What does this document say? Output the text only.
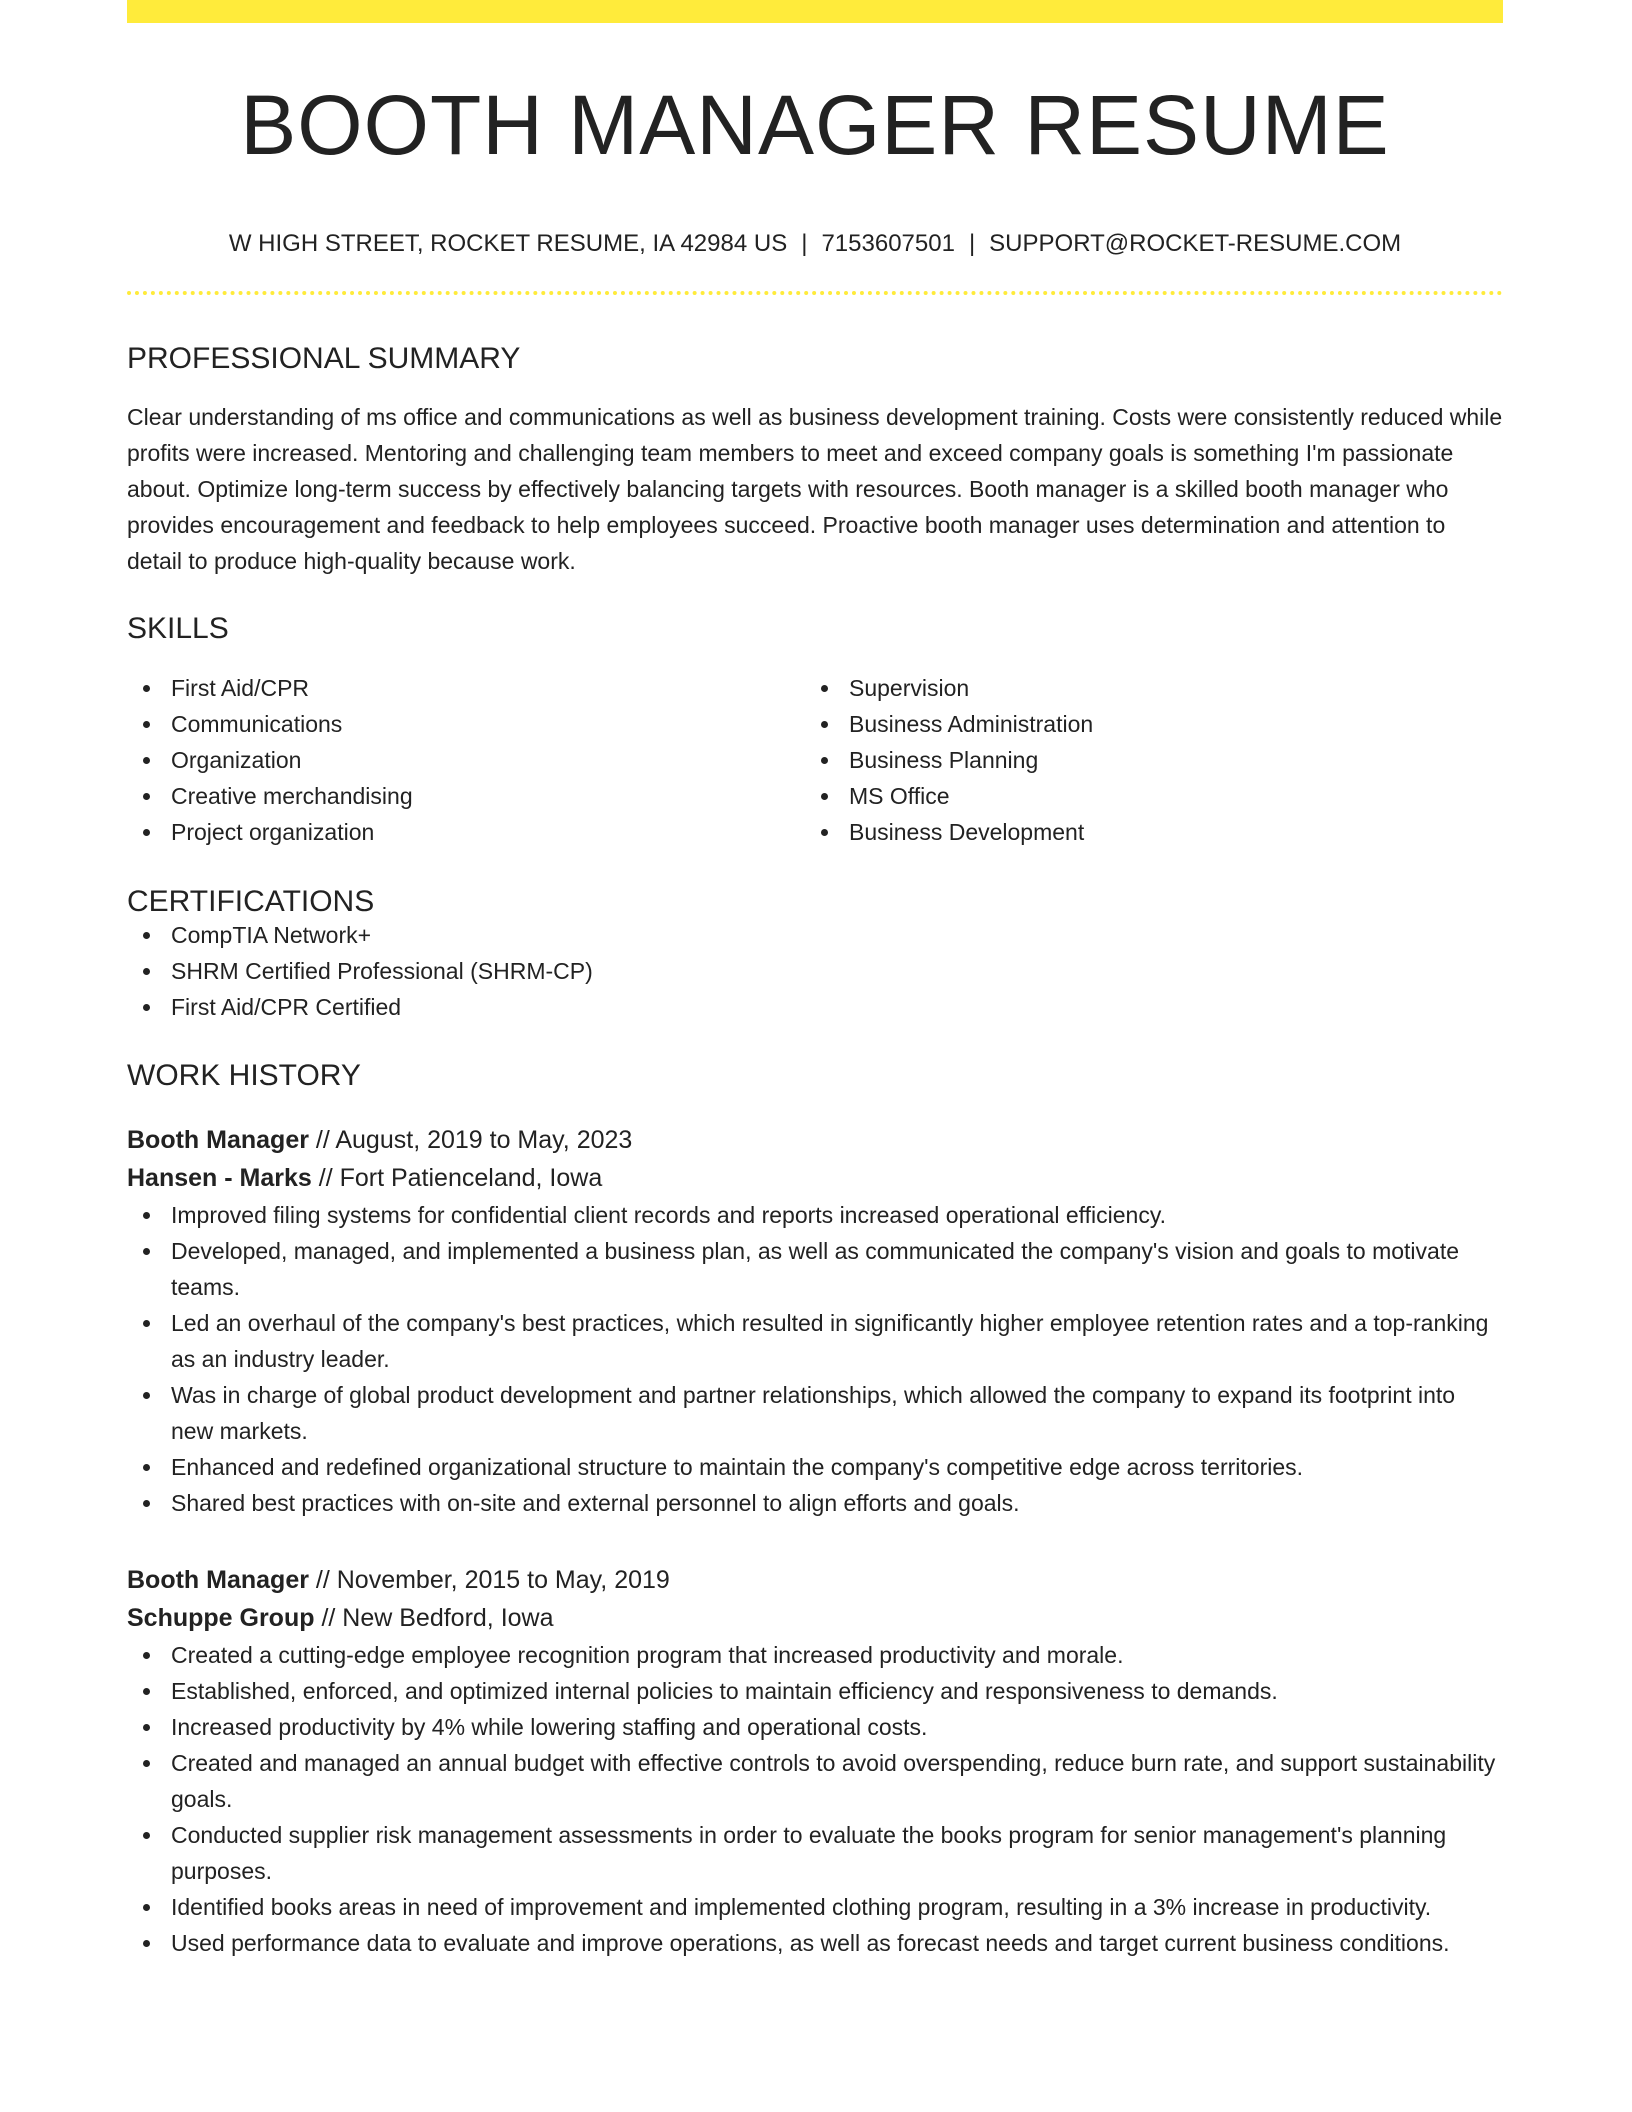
BOOTH MANAGER RESUME
W HIGH STREET, ROCKET RESUME, IA 42984 US | 7153607501 | SUPPORT@ROCKET-RESUME.COM
PROFESSIONAL SUMMARY

Clear understanding of ms office and communications as well as business development training. Costs were consistently reduced while profits were increased. Mentoring and challenging team members to meet and exceed company goals is something I'm passionate about. Optimize long-term success by effectively balancing targets with resources. Booth manager is a skilled booth manager who provides encouragement and feedback to help employees succeed. Proactive booth manager uses determination and attention to detail to produce high-quality because work.

SKILLS
First Aid/CPR
Communications
Organization
Creative merchandising
Project organization
Supervision
Business Administration
Business Planning
MS Office
Business Development
CERTIFICATIONS
CompTIA Network+
SHRM Certified Professional (SHRM-CP)
First Aid/CPR Certified
WORK HISTORY
Booth Manager // August, 2019 to May, 2023
Hansen - Marks // Fort Patienceland, Iowa
Improved filing systems for confidential client records and reports increased operational efficiency.
Developed, managed, and implemented a business plan, as well as communicated the company's vision and goals to motivate teams.
Led an overhaul of the company's best practices, which resulted in significantly higher employee retention rates and a top-ranking as an industry leader.
Was in charge of global product development and partner relationships, which allowed the company to expand its footprint into new markets.
Enhanced and redefined organizational structure to maintain the company's competitive edge across territories.
Shared best practices with on-site and external personnel to align efforts and goals.
Booth Manager // November, 2015 to May, 2019
Schuppe Group // New Bedford, Iowa
Created a cutting-edge employee recognition program that increased productivity and morale.
Established, enforced, and optimized internal policies to maintain efficiency and responsiveness to demands.
Increased productivity by 4% while lowering staffing and operational costs.
Created and managed an annual budget with effective controls to avoid overspending, reduce burn rate, and support sustainability goals.
Conducted supplier risk management assessments in order to evaluate the books program for senior management's planning purposes.
Identified books areas in need of improvement and implemented clothing program, resulting in a 3% increase in productivity.
Used performance data to evaluate and improve operations, as well as forecast needs and target current business conditions.
